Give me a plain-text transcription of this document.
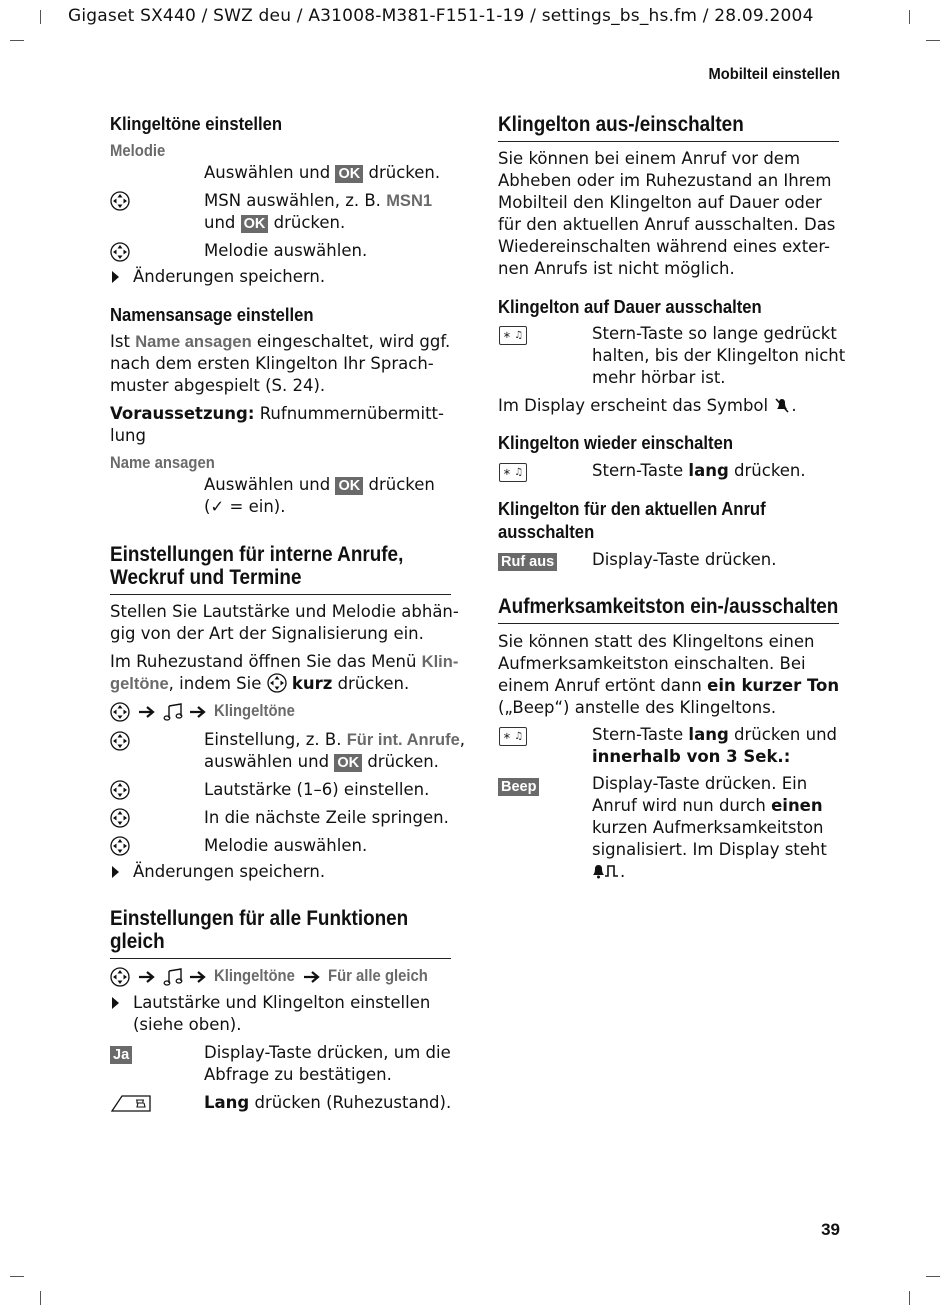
Gigaset SX440 / SWZ deu / A31008-M381-F151-1-19 / settings_bs_hs.fm / 28.09.2004
Mobilteil einstellen
Klingeltöne einstellen
Melodie
Auswählen und OK drücken.
MSN auswählen, z. B. MSN1
und OK drücken.
Melodie auswählen.
Änderungen speichern.
Namensansage einstellen
Ist Name ansagen eingeschaltet, wird ggf.
nach dem ersten Klingelton Ihr Sprach-
muster abgespielt (S. 24).
Voraussetzung: Rufnummernübermitt-
lung
Name ansagen
Auswählen und OK drücken
(✓ = ein).
Einstellungen für interne Anrufe,
Weckruf und Termine
Stellen Sie Lautstärke und Melodie abhän-
gig von der Art der Signalisierung ein.
Im Ruhezustand öffnen Sie das Menü Klin-
geltöne, indem Sie kurz drücken.
Klingeltöne
Einstellung, z. B. Für int. Anrufe,
auswählen und OK drücken.
Lautstärke (1–6) einstellen.
In die nächste Zeile springen.
Melodie auswählen.
Änderungen speichern.
Einstellungen für alle Funktionen
gleich
Klingeltöne Für alle gleich
Lautstärke und Klingelton einstellen
(siehe oben).
Ja	Display-Taste drücken, um die
Abfrage zu bestätigen.
Lang drücken (Ruhezustand).
Klingelton aus-/einschalten
Sie können bei einem Anruf vor dem
Abheben oder im Ruhezustand an Ihrem
Mobilteil den Klingelton auf Dauer oder
für den aktuellen Anruf ausschalten. Das
Wiedereinschalten während eines exter-
nen Anrufs ist nicht möglich.
Klingelton auf Dauer ausschalten
∗ ♫	Stern-Taste so lange gedrückt
halten, bis der Klingelton nicht
mehr hörbar ist.
Im Display erscheint das Symbol .
Klingelton wieder einschalten
∗ ♫	Stern-Taste lang drücken.
Klingelton für den aktuellen Anruf
ausschalten
Ruf aus Display-Taste drücken.
Aufmerksamkeitston ein-/ausschalten
Sie können statt des Klingeltons einen
Aufmerksamkeitston einschalten. Bei
einem Anruf ertönt dann ein kurzer Ton
(„Beep“) anstelle des Klingeltons.
∗ ♫	Stern-Taste lang drücken und
innerhalb von 3 Sek.:
Beep	Display-Taste drücken. Ein
Anruf wird nun durch einen
kurzen Aufmerksamkeitston
signalisiert. Im Display steht
.
39
